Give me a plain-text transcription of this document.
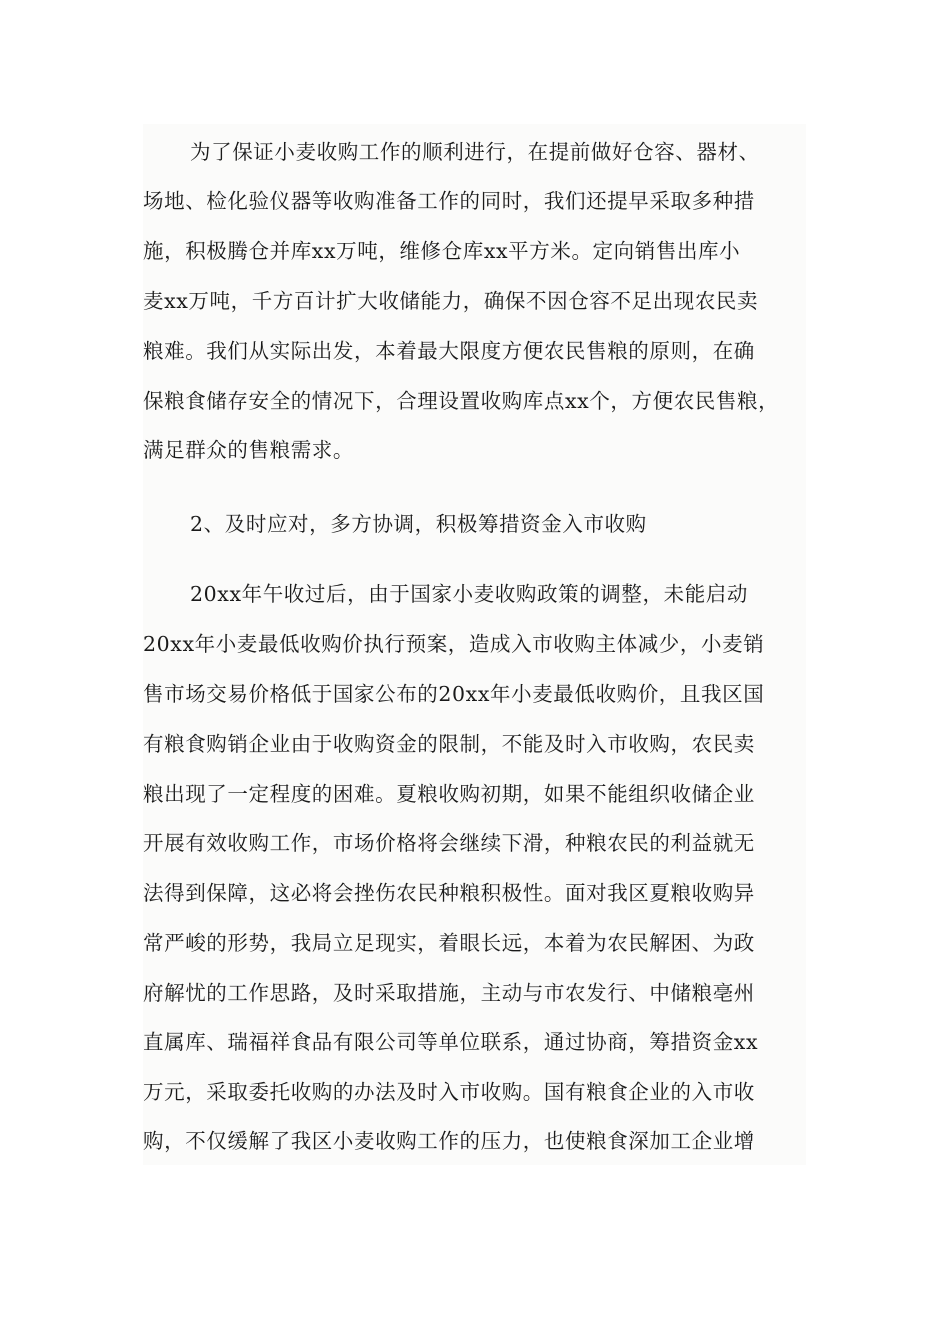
为了保证小麦收购工作的顺利进行，在提前做好仓容、器材、
场地、检化验仪器等收购准备工作的同时，我们还提早采取多种措
施，积极腾仓并库xx万吨，维修仓库xx平方米。定向销售出库小
麦xx万吨，千方百计扩大收储能力，确保不因仓容不足出现农民卖
粮难。我们从实际出发，本着最大限度方便农民售粮的原则，在确
保粮食储存安全的情况下，合理设置收购库点xx个，方便农民售粮，
满足群众的售粮需求。
2、及时应对，多方协调，积极筹措资金入市收购
20xx年午收过后，由于国家小麦收购政策的调整，未能启动
20xx年小麦最低收购价执行预案，造成入市收购主体减少，小麦销
售市场交易价格低于国家公布的20xx年小麦最低收购价，且我区国
有粮食购销企业由于收购资金的限制，不能及时入市收购，农民卖
粮出现了一定程度的困难。夏粮收购初期，如果不能组织收储企业
开展有效收购工作，市场价格将会继续下滑，种粮农民的利益就无
法得到保障，这必将会挫伤农民种粮积极性。面对我区夏粮收购异
常严峻的形势，我局立足现实，着眼长远，本着为农民解困、为政
府解忧的工作思路，及时采取措施，主动与市农发行、中储粮亳州
直属库、瑞福祥食品有限公司等单位联系，通过协商，筹措资金xx
万元，采取委托收购的办法及时入市收购。国有粮食企业的入市收
购，不仅缓解了我区小麦收购工作的压力，也使粮食深加工企业增
